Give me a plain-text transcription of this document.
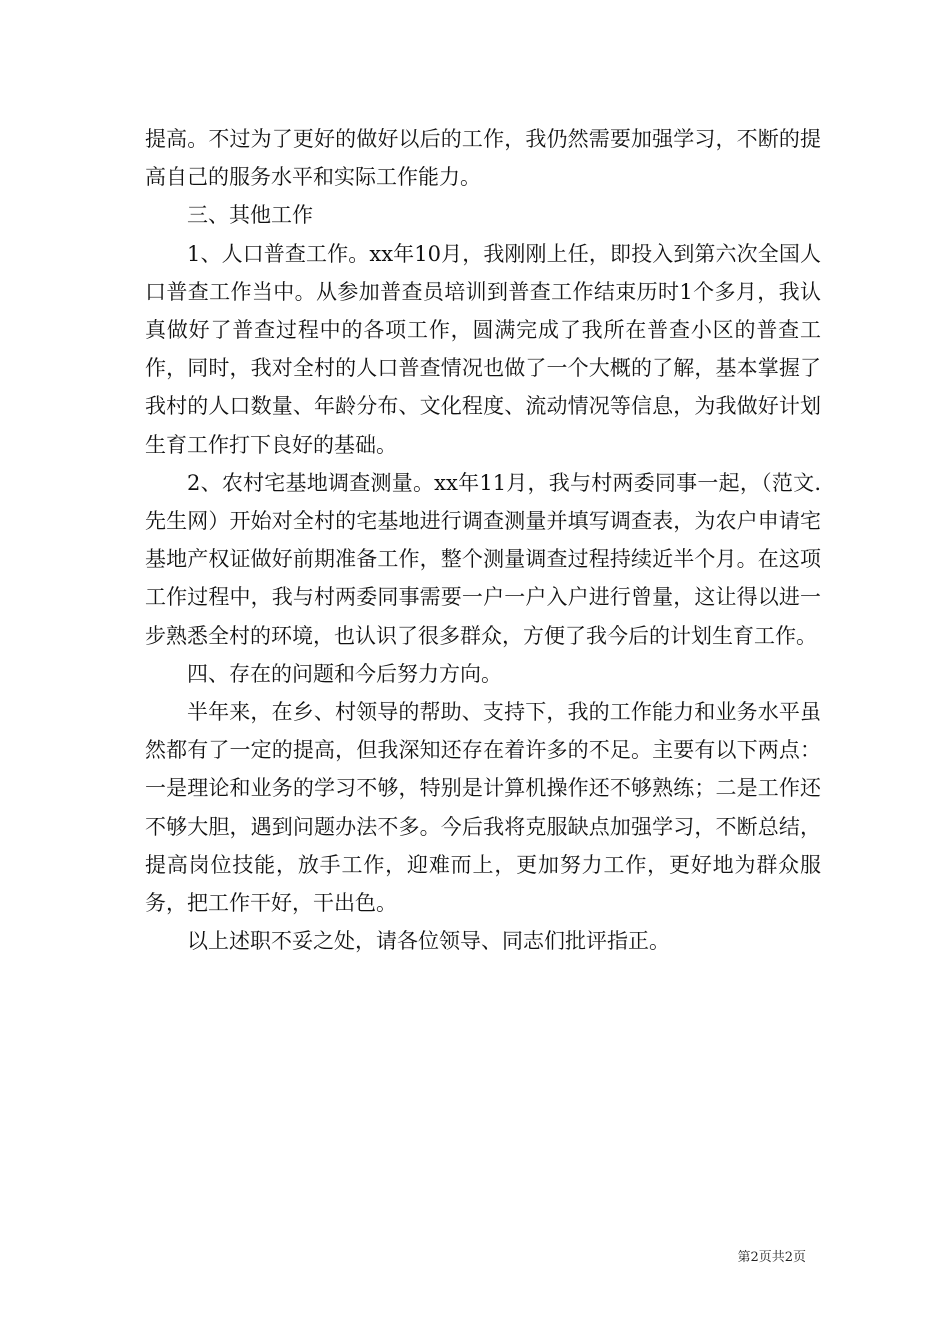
提高。不过为了更好的做好以后的工作，我仍然需要加强学习，不断的提高自己的服务水平和实际工作能力。

三、其他工作

1、人口普查工作。xx年10月，我刚刚上任，即投入到第六次全国人口普查工作当中。从参加普查员培训到普查工作结束历时1个多月，我认真做好了普查过程中的各项工作，圆满完成了我所在普查小区的普查工作，同时，我对全村的人口普查情况也做了一个大概的了解，基本掌握了我村的人口数量、年龄分布、文化程度、流动情况等信息，为我做好计划生育工作打下良好的基础。

2、农村宅基地调查测量。xx年11月，我与村两委同事一起，（范文.先生网）开始对全村的宅基地进行调查测量并填写调查表，为农户申请宅基地产权证做好前期准备工作，整个测量调查过程持续近半个月。在这项工作过程中，我与村两委同事需要一户一户入户进行曾量，这让得以进一步熟悉全村的环境，也认识了很多群众，方便了我今后的计划生育工作。

四、存在的问题和今后努力方向。

半年来，在乡、村领导的帮助、支持下，我的工作能力和业务水平虽然都有了一定的提高，但我深知还存在着许多的不足。主要有以下两点：一是理论和业务的学习不够，特别是计算机操作还不够熟练；二是工作还不够大胆，遇到问题办法不多。今后我将克服缺点加强学习，不断总结，提高岗位技能，放手工作，迎难而上，更加努力工作，更好地为群众服务，把工作干好，干出色。

以上述职不妥之处，请各位领导、同志们批评指正。

第2页共2页
